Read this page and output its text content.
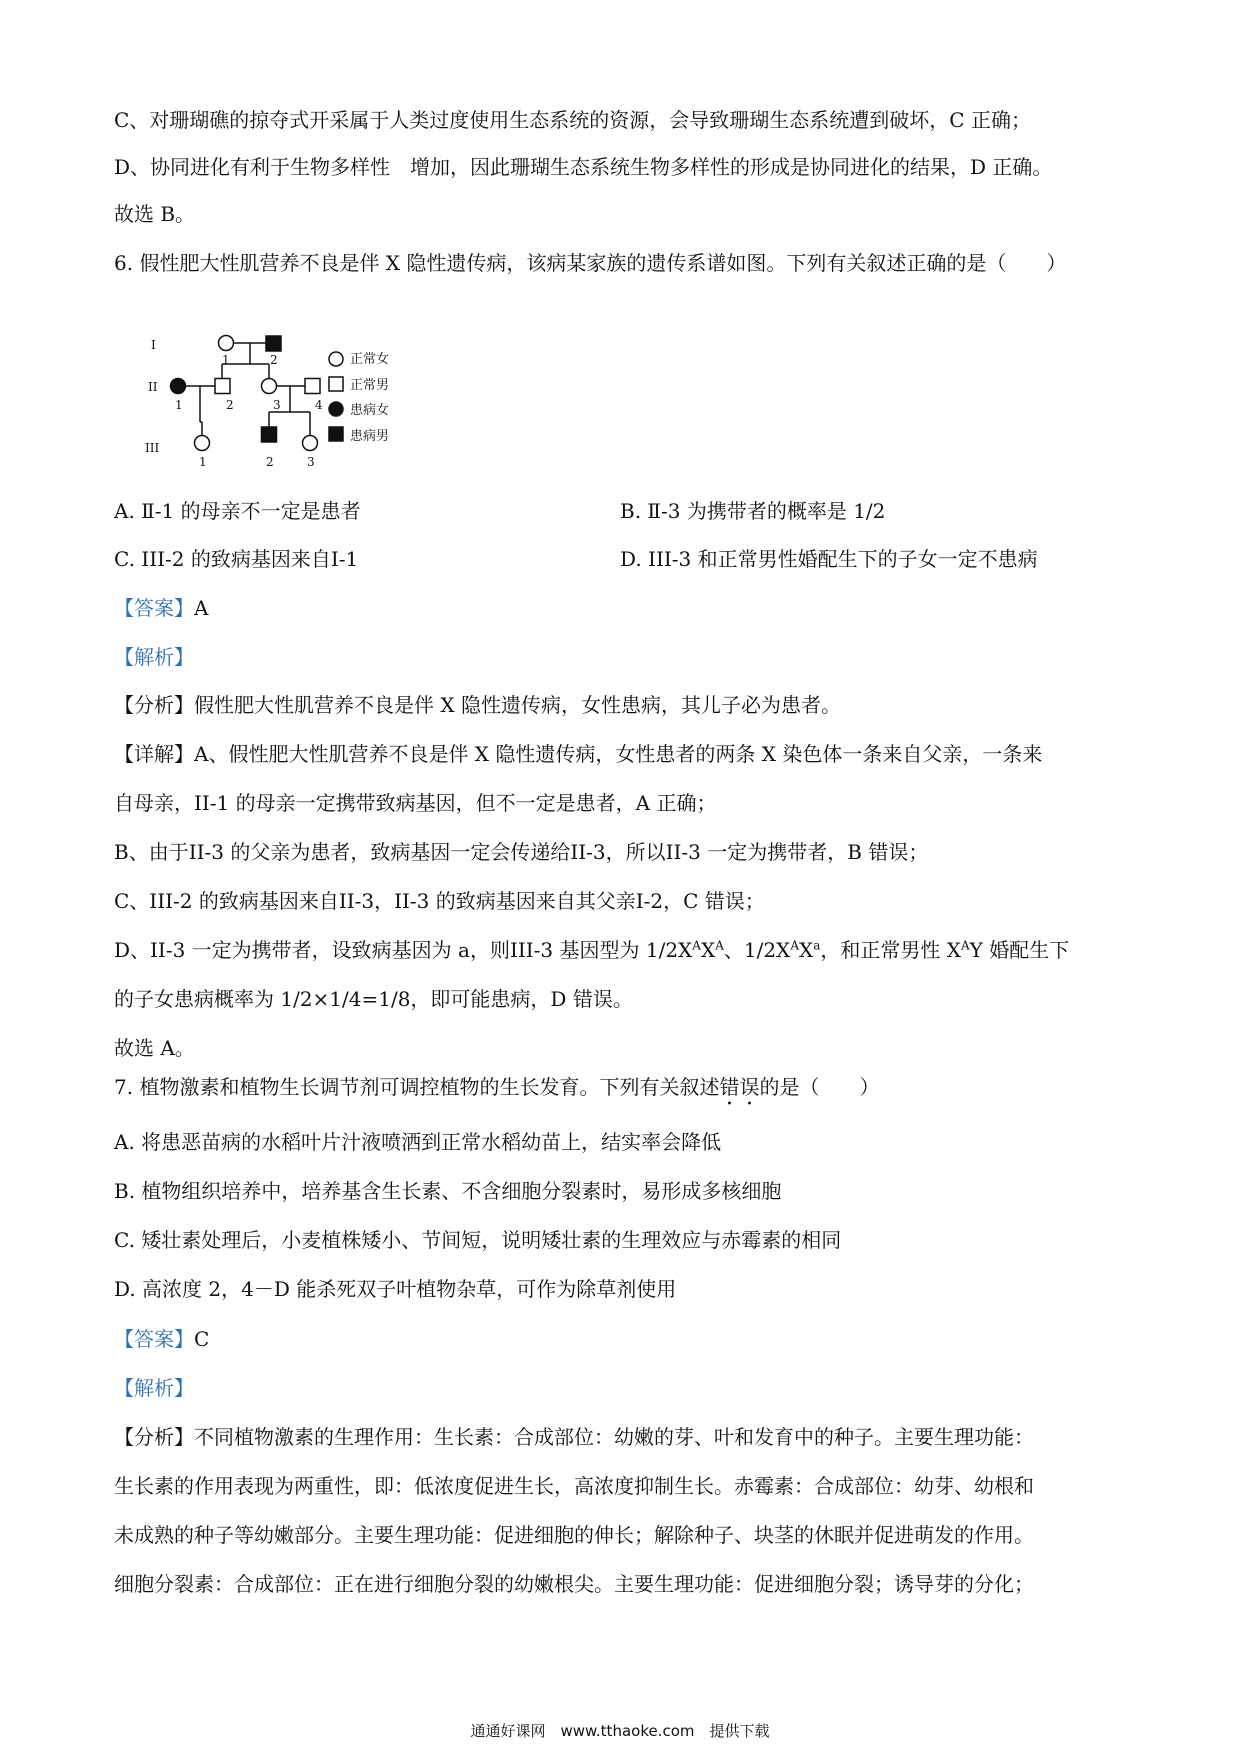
C、对珊瑚礁的掠夺式开采属于人类过度使用生态系统的资源，会导致珊瑚生态系统遭到破坏，C 正确；
D、协同进化有利于生物多样性　增加，因此珊瑚生态系统生物多样性的形成是协同进化的结果，D 正确。
故选 B。
6. 假性肥大性肌营养不良是伴 X 隐性遗传病，该病某家族的遗传系谱如图。下列有关叙述正确的是（　　）
I
II
III
1	2
1	2	3	4
1	2	3
正常女
正常男
患病女
患病男
A. Ⅱ-1 的母亲不一定是患者	B. Ⅱ-3 为携带者的概率是 1/2
C. III-2 的致病基因来自Ⅰ-1	D. III-3 和正常男性婚配生下的子女一定不患病
【答案】A
【解析】
【分析】假性肥大性肌营养不良是伴 X 隐性遗传病，女性患病，其儿子必为患者。
【详解】A、假性肥大性肌营养不良是伴 X 隐性遗传病，女性患者的两条 X 染色体一条来自父亲，一条来
自母亲，II-1 的母亲一定携带致病基因，但不一定是患者，A 正确；
B、由于II-3 的父亲为患者，致病基因一定会传递给II-3，所以II-3 一定为携带者，B 错误；
C、III-2 的致病基因来自II-3，II-3 的致病基因来自其父亲I-2，C 错误；
D、II-3 一定为携带者，设致病基因为 a，则III-3 基因型为 $1/2X^AX^A$、$1/2X^AX^a$，和正常男性 $X^AY$ 婚配生下
的子女患病概率为 1/2×1/4=1/8，即可能患病，D 错误。
故选 A。
7. 植物激素和植物生长调节剂可调控植物的生长发育。下列有关叙述错误的是（　　）
A. 将患恶苗病的水稻叶片汁液喷洒到正常水稻幼苗上，结实率会降低
B. 植物组织培养中，培养基含生长素、不含细胞分裂素时，易形成多核细胞
C. 矮壮素处理后，小麦植株矮小、节间短，说明矮壮素的生理效应与赤霉素的相同
D. 高浓度 2，4－D 能杀死双子叶植物杂草，可作为除草剂使用
【答案】C
【解析】
【分析】不同植物激素的生理作用：生长素：合成部位：幼嫩的芽、叶和发育中的种子。主要生理功能：
生长素的作用表现为两重性，即：低浓度促进生长，高浓度抑制生长。赤霉素：合成部位：幼芽、幼根和
未成熟的种子等幼嫩部分。主要生理功能：促进细胞的伸长；解除种子、块茎的休眠并促进萌发的作用。
细胞分裂素：合成部位：正在进行细胞分裂的幼嫩根尖。主要生理功能：促进细胞分裂；诱导芽的分化；
通通好课网　www.tthaoke.com　提供下载
